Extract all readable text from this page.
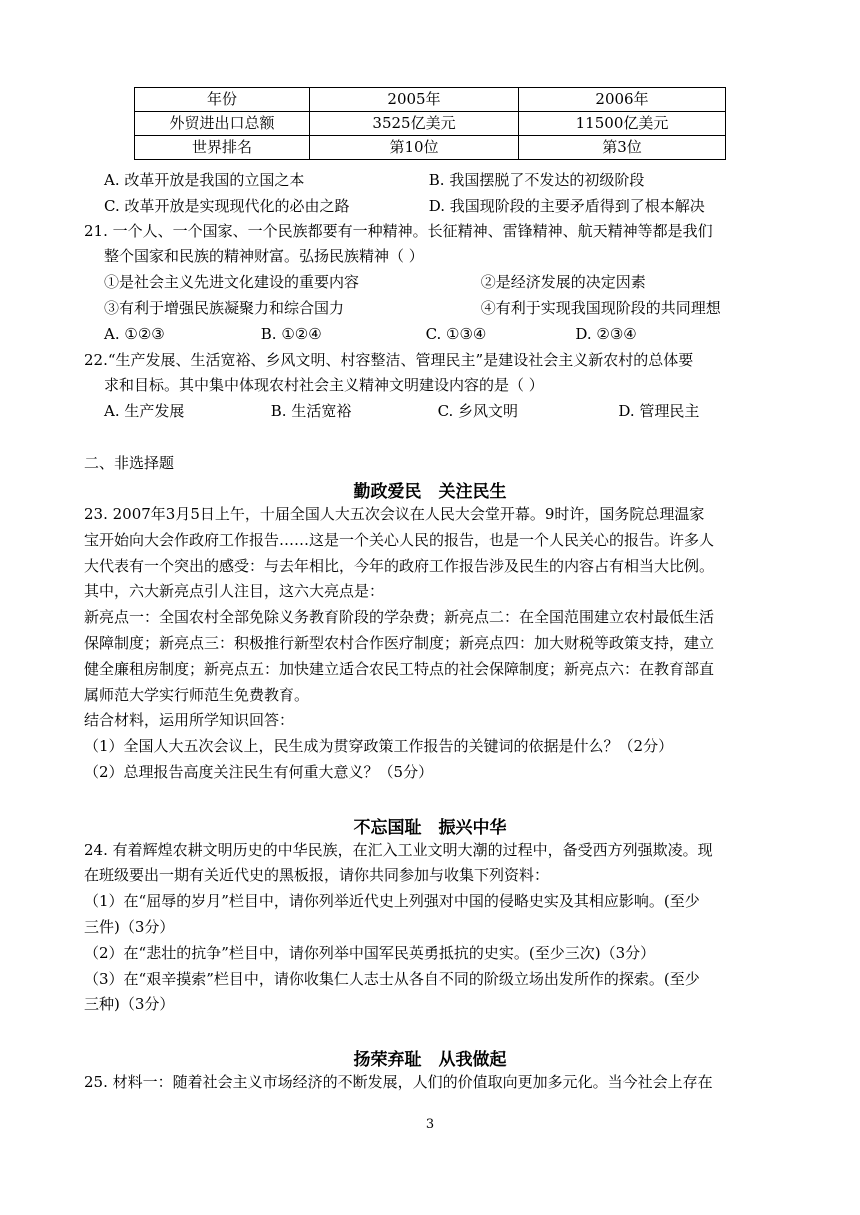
年份	2005年	2006年
外贸进出口总额	3525亿美元	11500亿美元
世界排名	第10位	第3位
A. 改革开放是我国的立国之本	B. 我国摆脱了不发达的初级阶段
C. 改革开放是实现现代化的必由之路	D. 我国现阶段的主要矛盾得到了根本解决
21. 一个人、一个国家、一个民族都要有一种精神。长征精神、雷锋精神、航天精神等都是我们
整个国家和民族的精神财富。弘扬民族精神（ ）
①是社会主义先进文化建设的重要内容	②是经济发展的决定因素
③有利于增强民族凝聚力和综合国力	④有利于实现我国现阶段的共同理想
A. ①②③	B. ①②④	C. ①③④	D. ②③④
22.“生产发展、生活宽裕、乡风文明、村容整洁、管理民主”是建设社会主义新农村的总体要
求和目标。其中集中体现农村社会主义精神文明建设内容的是（ ）
A. 生产发展	B. 生活宽裕	C. 乡风文明	D. 管理民主
二、非选择题
勤政爱民　关注民生
23. 2007年3月5日上午，十届全国人大五次会议在人民大会堂开幕。9时许，国务院总理温家
宝开始向大会作政府工作报告……这是一个关心人民的报告，也是一个人民关心的报告。许多人
大代表有一个突出的感受：与去年相比，今年的政府工作报告涉及民生的内容占有相当大比例。
其中，六大新亮点引人注目，这六大亮点是：
新亮点一：全国农村全部免除义务教育阶段的学杂费；新亮点二：在全国范围建立农村最低生活
保障制度；新亮点三：积极推行新型农村合作医疗制度；新亮点四：加大财税等政策支持，建立
健全廉租房制度；新亮点五：加快建立适合农民工特点的社会保障制度；新亮点六：在教育部直
属师范大学实行师范生免费教育。
结合材料，运用所学知识回答：
（1）全国人大五次会议上，民生成为贯穿政策工作报告的关键词的依据是什么？（2分）
（2）总理报告高度关注民生有何重大意义？（5分）
不忘国耻　振兴中华
24. 有着辉煌农耕文明历史的中华民族，在汇入工业文明大潮的过程中，备受西方列强欺凌。现
在班级要出一期有关近代史的黑板报，请你共同参加与收集下列资料：
（1）在“屈辱的岁月”栏目中，请你列举近代史上列强对中国的侵略史实及其相应影响。(至少
三件)（3分）
（2）在“悲壮的抗争”栏目中，请你列举中国军民英勇抵抗的史实。(至少三次)（3分）
（3）在“艰辛摸索”栏目中，请你收集仁人志士从各自不同的阶级立场出发所作的探索。(至少
三种)（3分）
扬荣弃耻　从我做起
25. 材料一：随着社会主义市场经济的不断发展，人们的价值取向更加多元化。当今社会上存在
3
